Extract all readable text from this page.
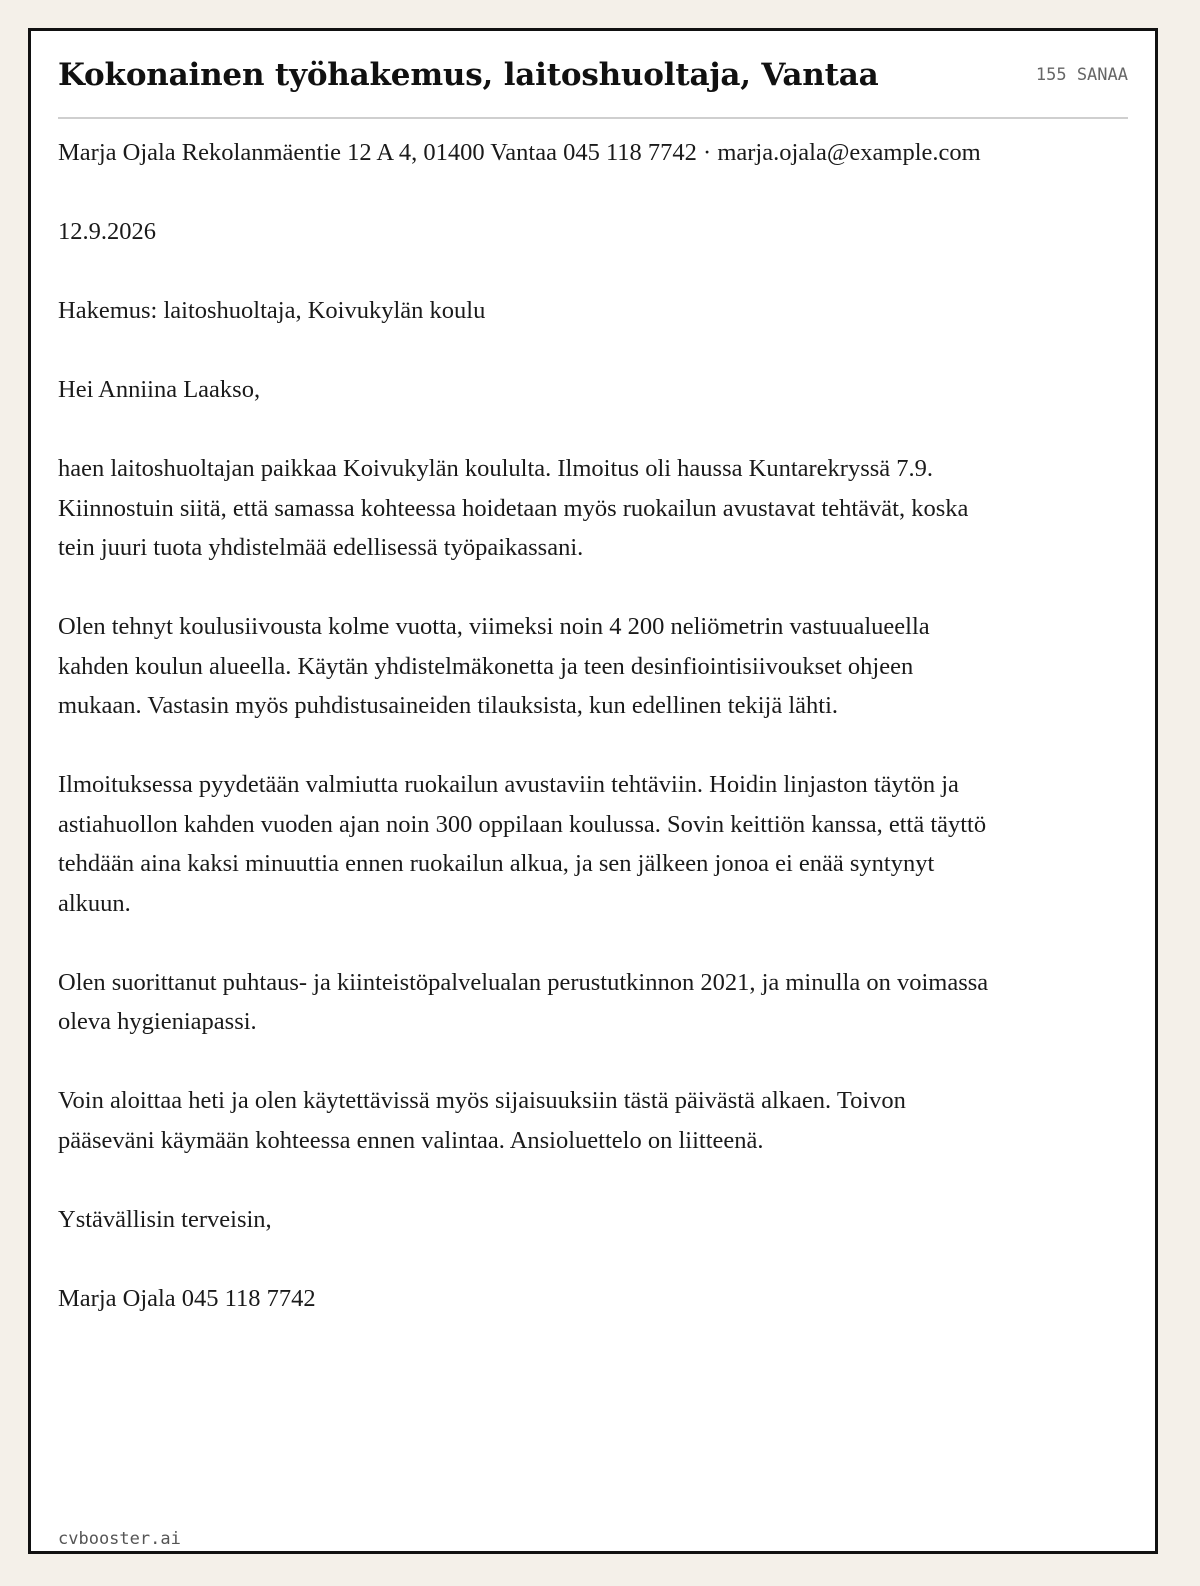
Kokonainen työhakemus, laitoshuoltaja, Vantaa	155 SANAA

Marja Ojala Rekolanmäentie 12 A 4, 01400 Vantaa 045 118 7742 · marja.ojala@example.com

12.9.2026

Hakemus: laitoshuoltaja, Koivukylän koulu

Hei Anniina Laakso,

haen laitoshuoltajan paikkaa Koivukylän koululta. Ilmoitus oli haussa Kuntarekryssä 7.9. Kiinnostuin siitä, että samassa kohteessa hoidetaan myös ruokailun avustavat tehtävät, koska tein juuri tuota yhdistelmää edellisessä työpaikassani.

Olen tehnyt koulusiivousta kolme vuotta, viimeksi noin 4 200 neliömetrin vastuualueella kahden koulun alueella. Käytän yhdistelmäkonetta ja teen desinfiointisiivoukset ohjeen mukaan. Vastasin myös puhdistusaineiden tilauksista, kun edellinen tekijä lähti.

Ilmoituksessa pyydetään valmiutta ruokailun avustaviin tehtäviin. Hoidin linjaston täytön ja astiahuollon kahden vuoden ajan noin 300 oppilaan koulussa. Sovin keittiön kanssa, että täyttö tehdään aina kaksi minuuttia ennen ruokailun alkua, ja sen jälkeen jonoa ei enää syntynyt alkuun.

Olen suorittanut puhtaus- ja kiinteistöpalvelualan perustutkinnon 2021, ja minulla on voimassa oleva hygieniapassi.

Voin aloittaa heti ja olen käytettävissä myös sijaisuuksiin tästä päivästä alkaen. Toivon pääseväni käymään kohteessa ennen valintaa. Ansioluettelo on liitteenä.

Ystävällisin terveisin,

Marja Ojala 045 118 7742

cvbooster.ai
